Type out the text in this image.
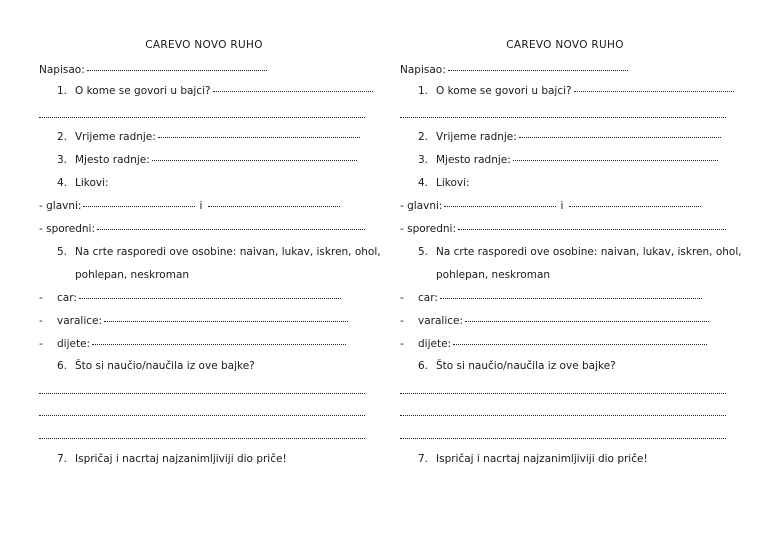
CAREVO NOVO RUHO
Napisao:
1. O kome se govori u bajci?
2. Vrijeme radnje:
3. Mjesto radnje:
4. Likovi:
- glavni:	i
- sporedni:
5. Na crte rasporedi ove osobine: naivan, lukav, iskren, ohol,
pohlepan, neskroman
-	car:
-	varalice:
-	dijete:
6. Što si naučio/naučila iz ove bajke?
7. Ispričaj i nacrtaj najzanimljiviji dio priče!
CAREVO NOVO RUHO
Napisao:
1. O kome se govori u bajci?
2. Vrijeme radnje:
3. Mjesto radnje:
4. Likovi:
- glavni:	i
- sporedni:
5. Na crte rasporedi ove osobine: naivan, lukav, iskren, ohol,
pohlepan, neskroman
-	car:
-	varalice:
-	dijete:
6. Što si naučio/naučila iz ove bajke?
7. Ispričaj i nacrtaj najzanimljiviji dio priče!
